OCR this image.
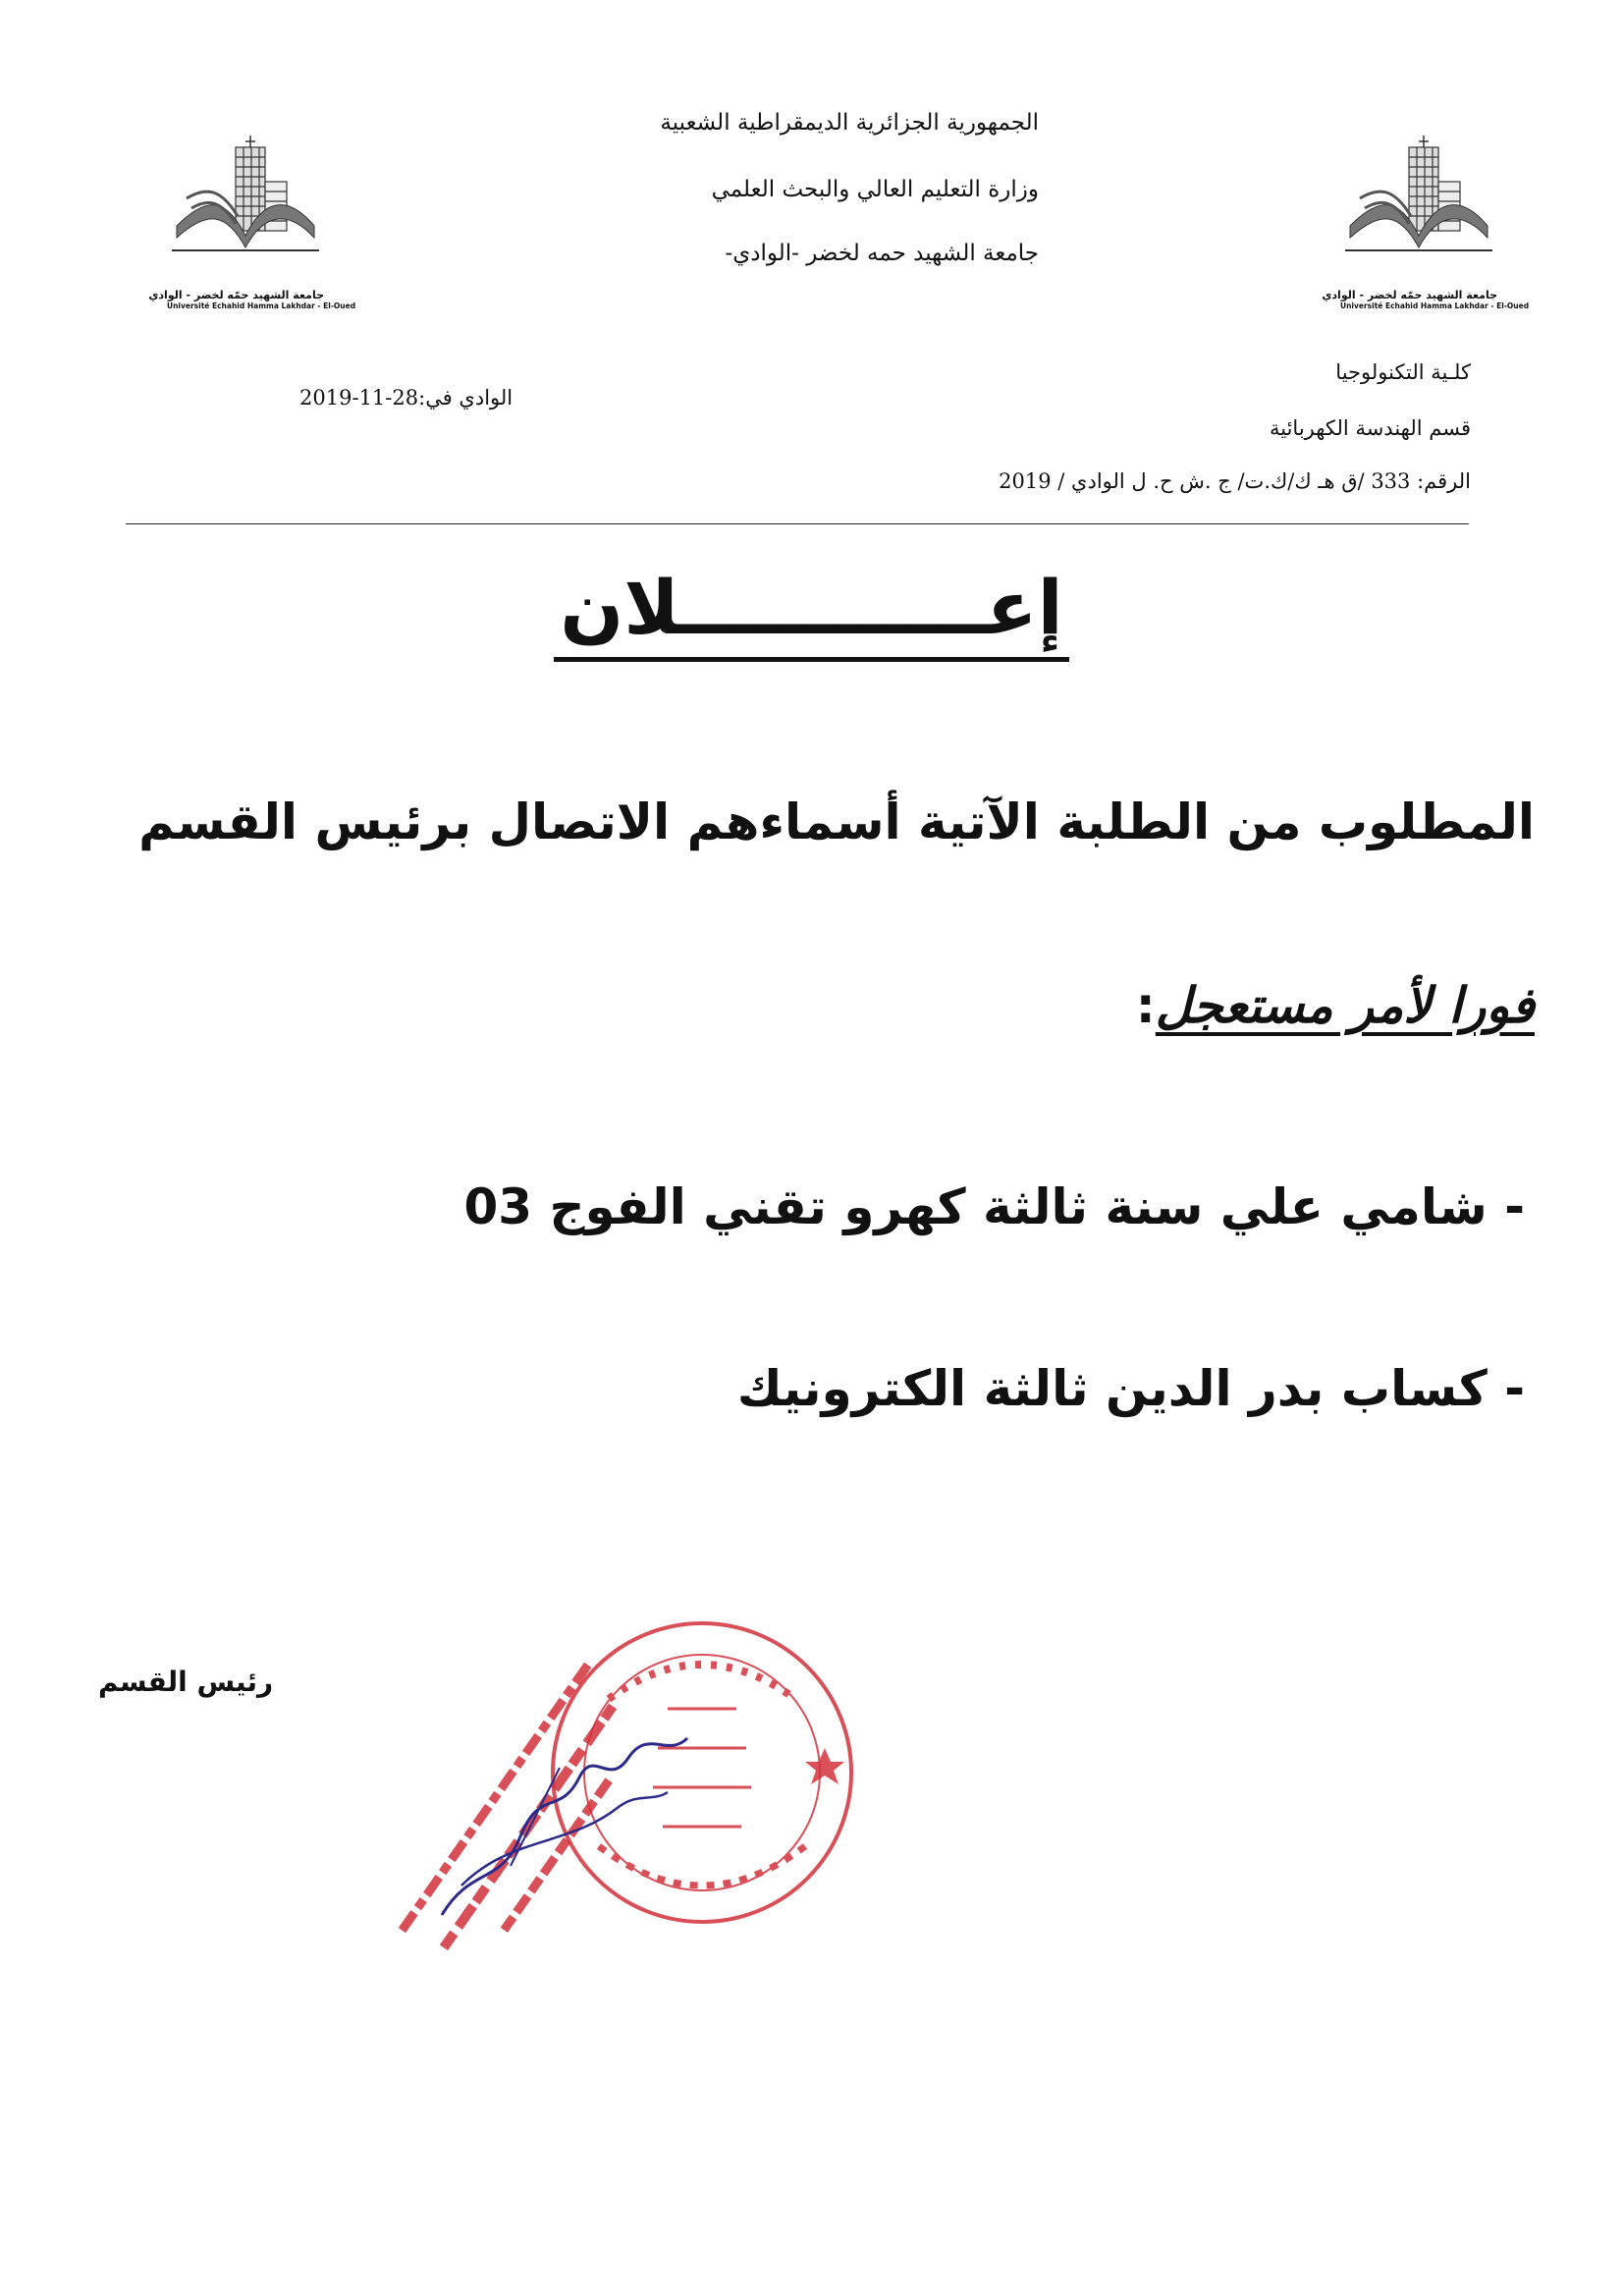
جامعة الشهيد حمّه لخضر - الوادي
Université Echahid Hamma Lakhdar - El-Oued
جامعة الشهيد حمّه لخضر - الوادي
Université Echahid Hamma Lakhdar - El-Oued
الجمهورية الجزائرية الديمقراطية الشعبية
وزارة التعليم العالي والبحث العلمي
جامعة الشهيد حمه لخضر -الوادي-
كلـية التكنولوجيا
قسم الهندسة الكهربائية
الرقم: 333 /ق هـ ك/ك.ت/ ج .ش ح. ل الوادي / 2019
الوادي في:28-11-2019
إعــــــــــــلان
المطلوب من الطلبة الآتية أسماءهم الاتصال برئيس القسم
فورا لأمر مستعجل:
- شامي علي سنة ثالثة كهرو تقني الفوج 03
- كساب بدر الدين ثالثة الكترونيك
رئيس القسم
